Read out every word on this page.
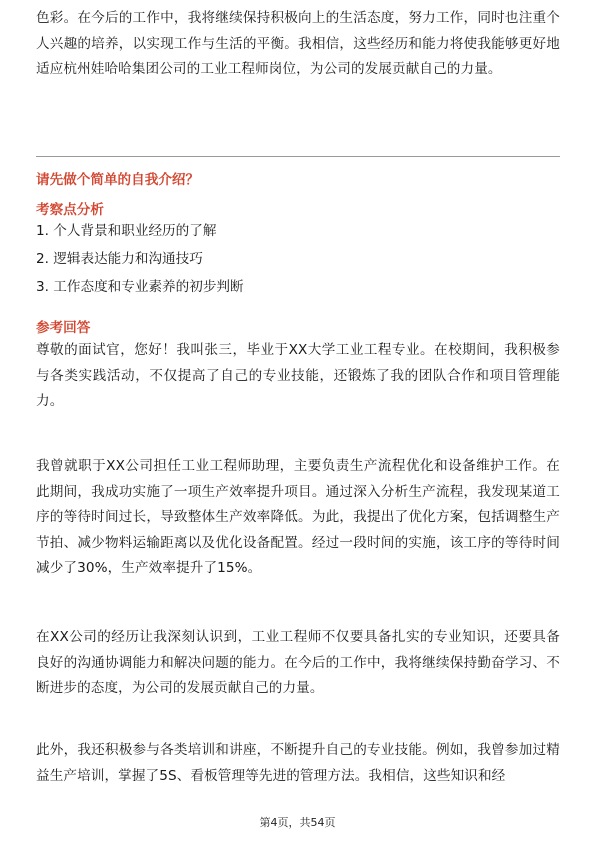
色彩。在今后的工作中，我将继续保持积极向上的生活态度，努力工作，同时也注重个人兴趣的培养，以实现工作与生活的平衡。我相信，这些经历和能力将使我能够更好地适应杭州娃哈哈集团公司的工业工程师岗位，为公司的发展贡献自己的力量。

请先做个简单的自我介绍？

考察点分析

1. 个人背景和职业经历的了解

2. 逻辑表达能力和沟通技巧

3. 工作态度和专业素养的初步判断

参考回答

尊敬的面试官，您好！我叫张三，毕业于XX大学工业工程专业。在校期间，我积极参与各类实践活动，不仅提高了自己的专业技能，还锻炼了我的团队合作和项目管理能力。

我曾就职于XX公司担任工业工程师助理，主要负责生产流程优化和设备维护工作。在此期间，我成功实施了一项生产效率提升项目。通过深入分析生产流程，我发现某道工序的等待时间过长，导致整体生产效率降低。为此，我提出了优化方案，包括调整生产节拍、减少物料运输距离以及优化设备配置。经过一段时间的实施，该工序的等待时间减少了30%，生产效率提升了15%。

在XX公司的经历让我深刻认识到，工业工程师不仅要具备扎实的专业知识，还要具备良好的沟通协调能力和解决问题的能力。在今后的工作中，我将继续保持勤奋学习、不断进步的态度，为公司的发展贡献自己的力量。

此外，我还积极参与各类培训和讲座，不断提升自己的专业技能。例如，我曾参加过精益生产培训，掌握了5S、看板管理等先进的管理方法。我相信，这些知识和经

第4页，共54页
